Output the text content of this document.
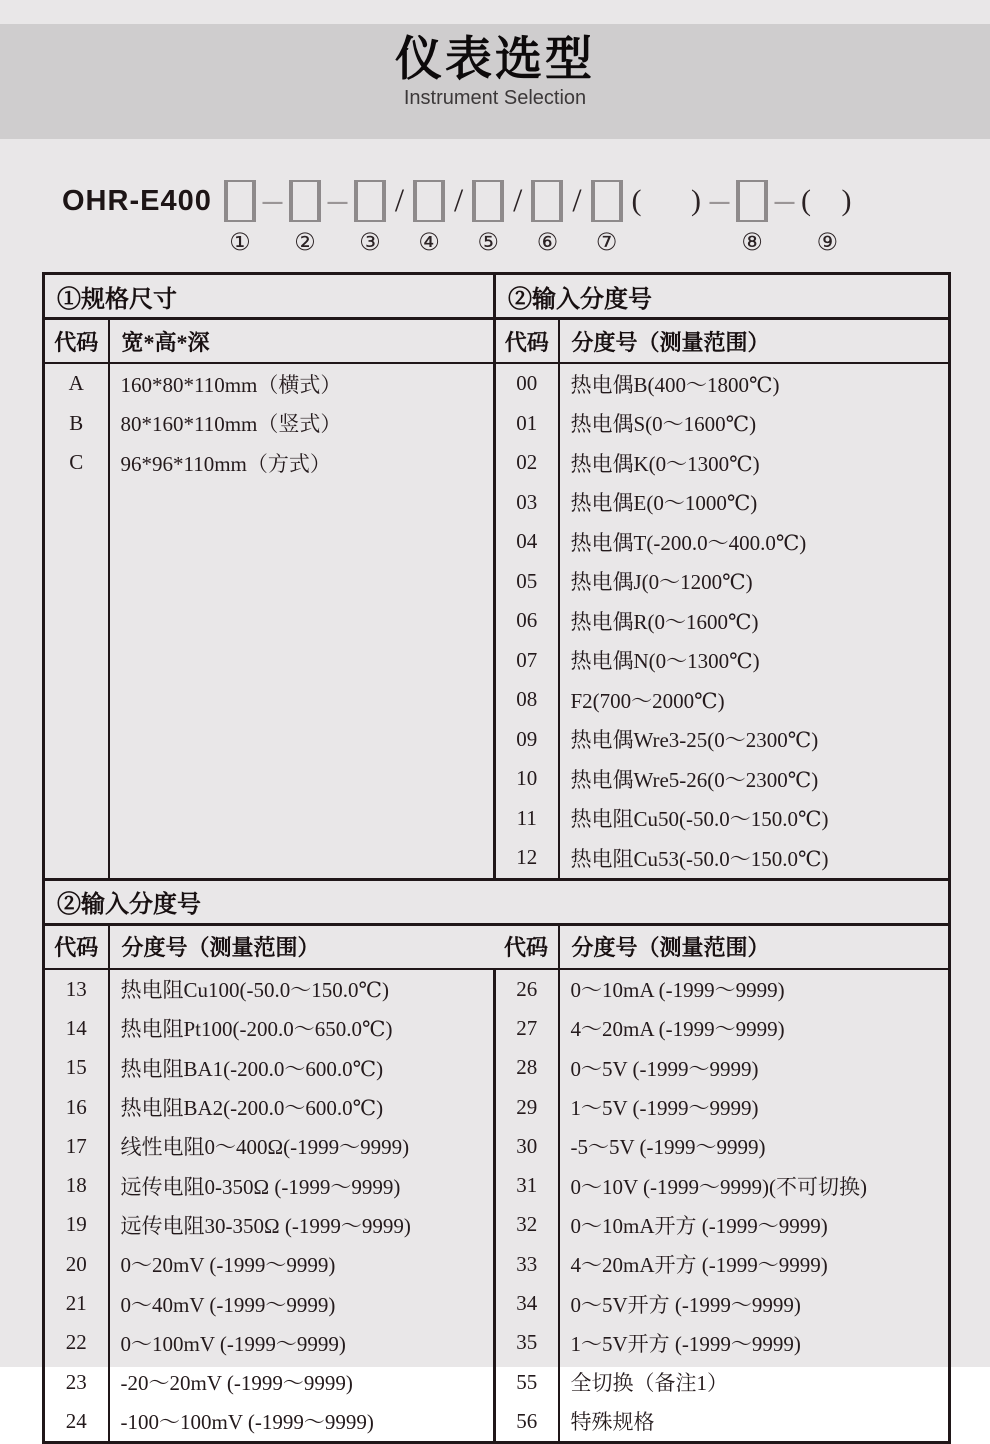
仪表选型
Instrument Selection
OHR-E400
①
–
②
–
③
/
④
/
⑤
/
⑥
/
⑦
(     ) –
⑧
– (   )
⑨
①规格尺寸		②输入分度号	
代码	宽*高*深	代码	分度号（测量范围）
A	160*80*110mm（横式）	00	热电偶B(400～1800℃)
B	80*160*110mm（竖式）	01	热电偶S(0～1600℃)
C	96*96*110mm（方式）	02	热电偶K(0～1300℃)
		03	热电偶E(0～1000℃)
		04	热电偶T(-200.0～400.0℃)
		05	热电偶J(0～1200℃)
		06	热电偶R(0～1600℃)
		07	热电偶N(0～1300℃)
		08	F2(700～2000℃)
		09	热电偶Wre3-25(0～2300℃)
		10	热电偶Wre5-26(0～2300℃)
		11	热电阻Cu50(-50.0～150.0℃)
		12	热电阻Cu53(-50.0～150.0℃)
②输入分度号			
代码	分度号（测量范围）	代码	分度号（测量范围）
13	热电阻Cu100(-50.0～150.0℃)	26	0～10mA (-1999～9999)
14	热电阻Pt100(-200.0～650.0℃)	27	4～20mA (-1999～9999)
15	热电阻BA1(-200.0～600.0℃)	28	0～5V (-1999～9999)
16	热电阻BA2(-200.0～600.0℃)	29	1～5V (-1999～9999)
17	线性电阻0～400Ω(-1999～9999)	30	-5～5V (-1999～9999)
18	远传电阻0-350Ω (-1999～9999)	31	0～10V (-1999～9999)(不可切换)
19	远传电阻30-350Ω (-1999～9999)	32	0～10mA开方 (-1999～9999)
20	0～20mV (-1999～9999)	33	4～20mA开方 (-1999～9999)
21	0～40mV (-1999～9999)	34	0～5V开方 (-1999～9999)
22	0～100mV (-1999～9999)	35	1～5V开方 (-1999～9999)
23	-20～20mV (-1999～9999)	55	全切换（备注1）
24	-100～100mV (-1999～9999)	56	特殊规格
